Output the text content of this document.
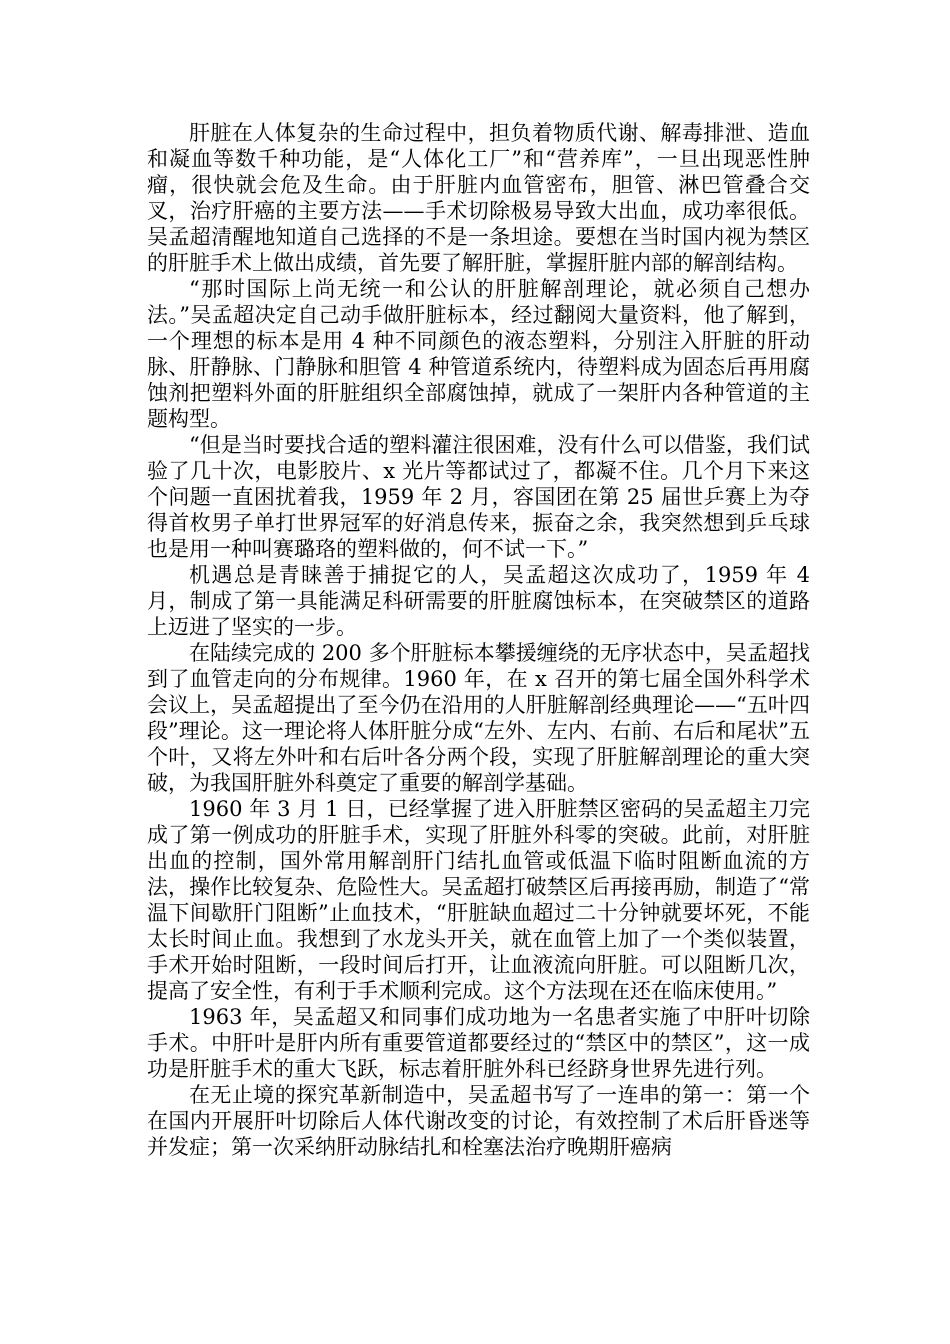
肝脏在人体复杂的生命过程中，担负着物质代谢、解毒排泄、造血和凝血等数千种功能，是“人体化工厂”和“营养库”，一旦出现恶性肿瘤，很快就会危及生命。由于肝脏内血管密布，胆管、淋巴管叠合交叉，治疗肝癌的主要方法——手术切除极易导致大出血，成功率很低。吴孟超清醒地知道自己选择的不是一条坦途。要想在当时国内视为禁区的肝脏手术上做出成绩，首先要了解肝脏，掌握肝脏内部的解剖结构。

“那时国际上尚无统一和公认的肝脏解剖理论，就必须自己想办法。”吴孟超决定自己动手做肝脏标本，经过翻阅大量资料，他了解到，一个理想的标本是用 4 种不同颜色的液态塑料，分别注入肝脏的肝动脉、肝静脉、门静脉和胆管 4 种管道系统内，待塑料成为固态后再用腐蚀剂把塑料外面的肝脏组织全部腐蚀掉，就成了一架肝内各种管道的主题构型。

“但是当时要找合适的塑料灌注很困难，没有什么可以借鉴，我们试验了几十次，电影胶片、x 光片等都试过了，都凝不住。几个月下来这个问题一直困扰着我，1959 年 2 月，容国团在第 25 届世乒赛上为夺得首枚男子单打世界冠军的好消息传来，振奋之余，我突然想到乒乓球也是用一种叫赛璐珞的塑料做的，何不试一下。”

机遇总是青睐善于捕捉它的人，吴孟超这次成功了，1959 年 4 月，制成了第一具能满足科研需要的肝脏腐蚀标本，在突破禁区的道路上迈进了坚实的一步。

在陆续完成的 200 多个肝脏标本攀援缠绕的无序状态中，吴孟超找到了血管走向的分布规律。1960 年，在 x 召开的第七届全国外科学术会议上，吴孟超提出了至今仍在沿用的人肝脏解剖经典理论——“五叶四段”理论。这一理论将人体肝脏分成“左外、左内、右前、右后和尾状”五个叶，又将左外叶和右后叶各分两个段，实现了肝脏解剖理论的重大突破，为我国肝脏外科奠定了重要的解剖学基础。

1960 年 3 月 1 日，已经掌握了进入肝脏禁区密码的吴孟超主刀完成了第一例成功的肝脏手术，实现了肝脏外科零的突破。此前，对肝脏出血的控制，国外常用解剖肝门结扎血管或低温下临时阻断血流的方法，操作比较复杂、危险性大。吴孟超打破禁区后再接再励，制造了“常温下间歇肝门阻断”止血技术，“肝脏缺血超过二十分钟就要坏死，不能太长时间止血。我想到了水龙头开关，就在血管上加了一个类似装置，手术开始时阻断，一段时间后打开，让血液流向肝脏。可以阻断几次，提高了安全性，有利于手术顺利完成。这个方法现在还在临床使用。”

1963 年，吴孟超又和同事们成功地为一名患者实施了中肝叶切除手术。中肝叶是肝内所有重要管道都要经过的“禁区中的禁区”，这一成功是肝脏手术的重大飞跃，标志着肝脏外科已经跻身世界先进行列。

在无止境的探究革新制造中，吴孟超书写了一连串的第一：第一个在国内开展肝叶切除后人体代谢改变的讨论，有效控制了术后肝昏迷等并发症；第一次采纳肝动脉结扎和栓塞法治疗晚期肝癌病
